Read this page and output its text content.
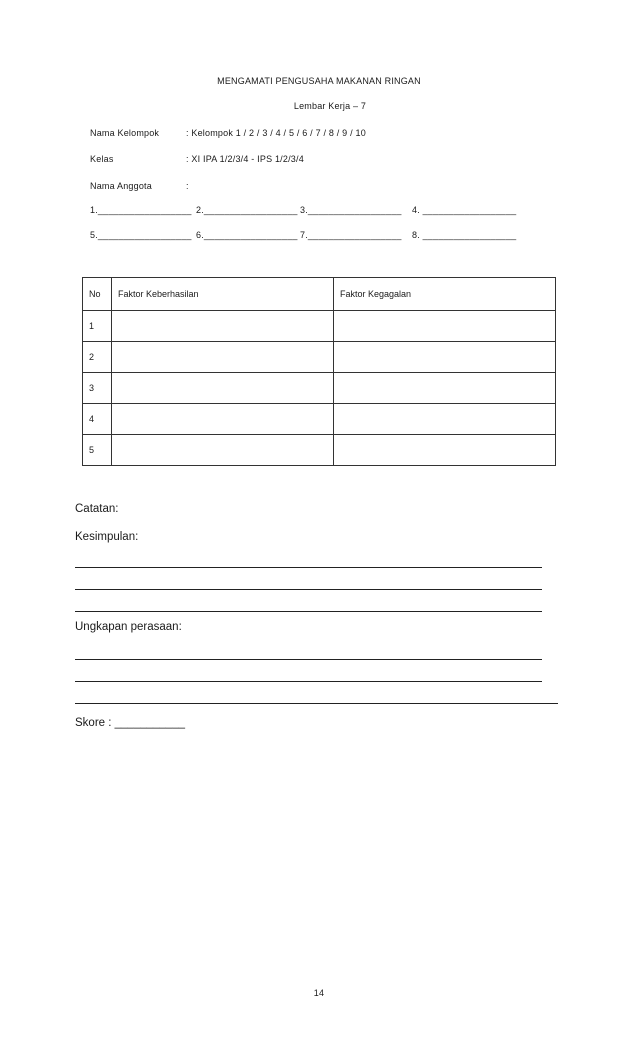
MENGAMATI PENGUSAHA MAKANAN RINGAN
Lembar Kerja – 7
Nama Kelompok	: Kelompok 1 / 2 / 3 / 4 / 5 / 6 / 7 / 8 / 9 / 10
Kelas	: XI IPA 1/2/3/4 - IPS 1/2/3/4
Nama Anggota	:
1.__________________ 2.__________________ 3.__________________ 4. __________________
5.__________________ 6.__________________ 7.__________________ 8. __________________
No	Faktor Keberhasilan	Faktor Kegagalan
1		
2		
3		
4		
5		
Catatan:
Kesimpulan:
Ungkapan perasaan:
Skore : ___________
14
